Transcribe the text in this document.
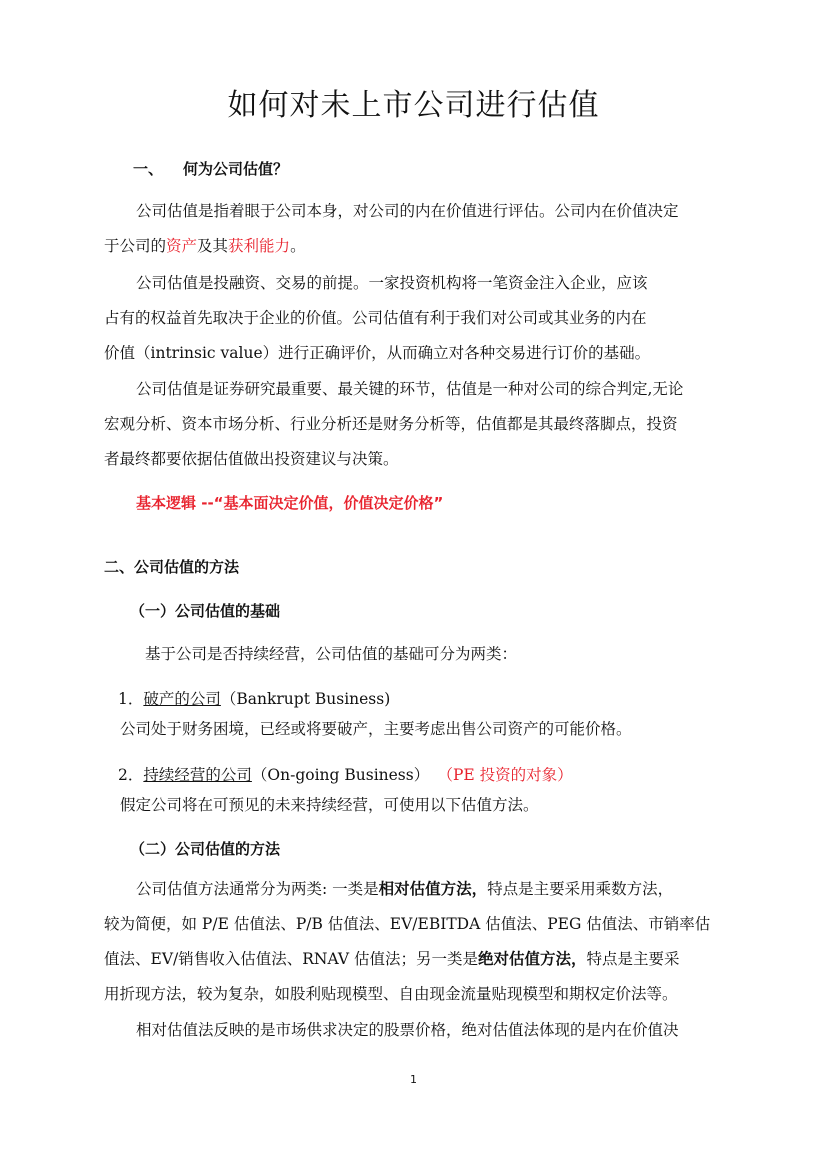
如何对未上市公司进行估值
一、 何为公司估值？
公司估值是指着眼于公司本身，对公司的内在价值进行评估。公司内在价值决定
于公司的资产及其获利能力。
公司估值是投融资、交易的前提。一家投资机构将一笔资金注入企业，应该
占有的权益首先取决于企业的价值。公司估值有利于我们对公司或其业务的内在
价值（intrinsic value）进行正确评价，从而确立对各种交易进行订价的基础。
公司估值是证券研究最重要、最关键的环节，估值是一种对公司的综合判定,无论
宏观分析、资本市场分析、行业分析还是财务分析等，估值都是其最终落脚点，投资
者最终都要依据估值做出投资建议与决策。
基本逻辑 --“基本面决定价值，价值决定价格”
二、公司估值的方法
（一）公司估值的基础
基于公司是否持续经营，公司估值的基础可分为两类：
1．破产的公司（Bankrupt Business)
公司处于财务困境，已经或将要破产，主要考虑出售公司资产的可能价格。
2．持续经营的公司（On-going Business） （PE 投资的对象）
假定公司将在可预见的未来持续经营，可使用以下估值方法。
（二）公司估值的方法
公司估值方法通常分为两类: 一类是相对估值方法，特点是主要采用乘数方法，
较为简便，如 P/E 估值法、P/B 估值法、EV/EBITDA 估值法、PEG 估值法、市销率估
值法、EV/销售收入估值法、RNAV 估值法；另一类是绝对估值方法，特点是主要采
用折现方法，较为复杂，如股利贴现模型、自由现金流量贴现模型和期权定价法等。
相对估值法反映的是市场供求决定的股票价格，绝对估值法体现的是内在价值决
1
